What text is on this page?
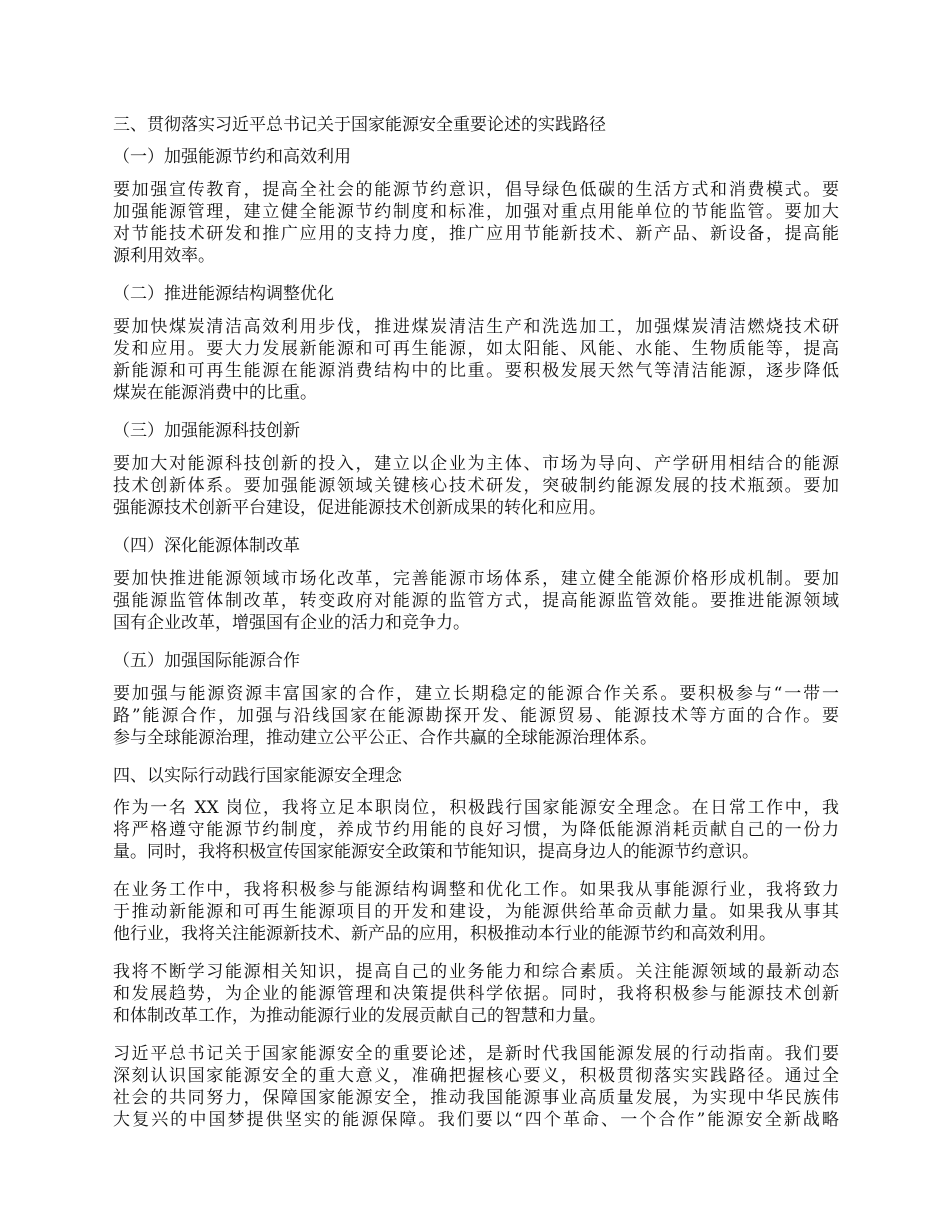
三、贯彻落实习近平总书记关于国家能源安全重要论述的实践路径
（一）加强能源节约和高效利用
要加强宣传教育，提高全社会的能源节约意识，倡导绿色低碳的生活方式和消费模式。要
加强能源管理，建立健全能源节约制度和标准，加强对重点用能单位的节能监管。要加大
对节能技术研发和推广应用的支持力度，推广应用节能新技术、新产品、新设备，提高能
源利用效率。
（二）推进能源结构调整优化
要加快煤炭清洁高效利用步伐，推进煤炭清洁生产和洗选加工，加强煤炭清洁燃烧技术研
发和应用。要大力发展新能源和可再生能源，如太阳能、风能、水能、生物质能等，提高
新能源和可再生能源在能源消费结构中的比重。要积极发展天然气等清洁能源，逐步降低
煤炭在能源消费中的比重。
（三）加强能源科技创新
要加大对能源科技创新的投入，建立以企业为主体、市场为导向、产学研用相结合的能源
技术创新体系。要加强能源领域关键核心技术研发，突破制约能源发展的技术瓶颈。要加
强能源技术创新平台建设，促进能源技术创新成果的转化和应用。
（四）深化能源体制改革
要加快推进能源领域市场化改革，完善能源市场体系，建立健全能源价格形成机制。要加
强能源监管体制改革，转变政府对能源的监管方式，提高能源监管效能。要推进能源领域
国有企业改革，增强国有企业的活力和竞争力。
（五）加强国际能源合作
要加强与能源资源丰富国家的合作，建立长期稳定的能源合作关系。要积极参与“一带一
路”能源合作，加强与沿线国家在能源勘探开发、能源贸易、能源技术等方面的合作。要
参与全球能源治理，推动建立公平公正、合作共赢的全球能源治理体系。
四、以实际行动践行国家能源安全理念
作为一名 XX 岗位，我将立足本职岗位，积极践行国家能源安全理念。在日常工作中，我
将严格遵守能源节约制度，养成节约用能的良好习惯，为降低能源消耗贡献自己的一份力
量。同时，我将积极宣传国家能源安全政策和节能知识，提高身边人的能源节约意识。
在业务工作中，我将积极参与能源结构调整和优化工作。如果我从事能源行业，我将致力
于推动新能源和可再生能源项目的开发和建设，为能源供给革命贡献力量。如果我从事其
他行业，我将关注能源新技术、新产品的应用，积极推动本行业的能源节约和高效利用。
我将不断学习能源相关知识，提高自己的业务能力和综合素质。关注能源领域的最新动态
和发展趋势，为企业的能源管理和决策提供科学依据。同时，我将积极参与能源技术创新
和体制改革工作，为推动能源行业的发展贡献自己的智慧和力量。
习近平总书记关于国家能源安全的重要论述，是新时代我国能源发展的行动指南。我们要
深刻认识国家能源安全的重大意义，准确把握核心要义，积极贯彻落实实践路径。通过全
社会的共同努力，保障国家能源安全，推动我国能源事业高质量发展，为实现中华民族伟
大复兴的中国梦提供坚实的能源保障。我们要以“四个革命、一个合作”能源安全新战略
